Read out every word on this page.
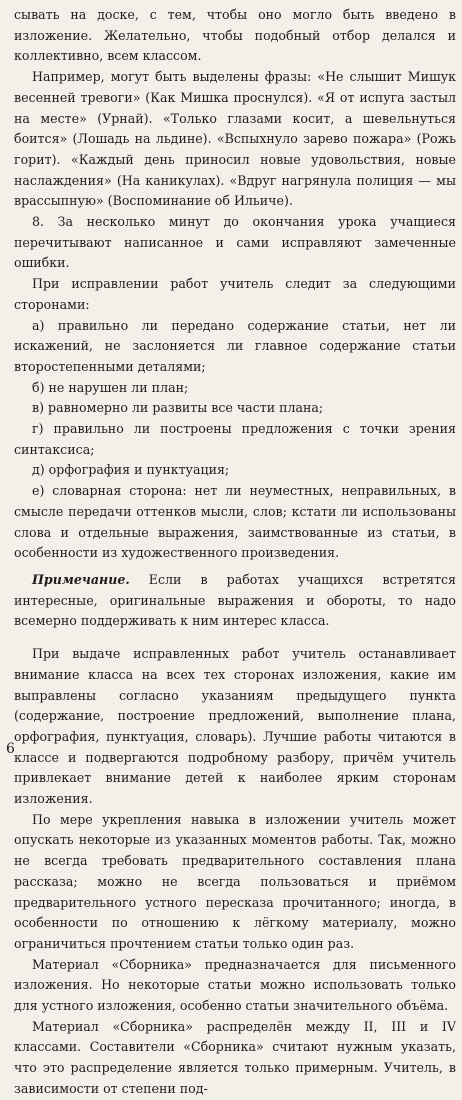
сывать на доске, с тем, чтобы оно могло быть введено в изложение. Желательно, чтобы подобный отбор делался и коллективно, всем классом.

Например, могут быть выделены фразы: «Не слышит Мишук весенней тревоги» (Как Мишка проснулся). «Я от испуга застыл на месте» (Урнай). «Только глазами косит, а шевельнуться боится» (Лошадь на льдине). «Вспыхнуло зарево пожара» (Рожь горит). «Каждый день приносил новые удовольствия, новые наслаждения» (На каникулах). «Вдруг нагрянула полиция — мы врассыпную» (Воспоминание об Ильиче).

8. За несколько минут до окончания урока учащиеся перечитывают написанное и сами исправляют замеченные ошибки.

При исправлении работ учитель следит за следующими сторонами:

а) правильно ли передано содержание статьи, нет ли искажений, не заслоняется ли главное содержание статьи второстепенными деталями;

б) не нарушен ли план;

в) равномерно ли развиты все части плана;

г) правильно ли построены предложения с точки зрения синтаксиса;

д) орфография и пунктуация;

е) словарная сторона: нет ли неуместных, неправильных, в смысле передачи оттенков мысли, слов; кстати ли использованы слова и отдельные выражения, заимствованные из статьи, в особенности из художественного произведения.

Примечание. Если в работах учащихся встретятся интересные, оригинальные выражения и обороты, то надо всемерно поддерживать к ним интерес класса.

При выдаче исправленных работ учитель останавливает внимание класса на всех тех сторонах изложения, какие им выправлены согласно указаниям предыдущего пункта (содержание, построение предложений, выполнение плана, орфография, пунктуация, словарь). Лучшие работы читаются в классе и подвергаются подробному разбору, причём учитель привлекает внимание детей к наиболее ярким сторонам изложения.

По мере укрепления навыка в изложении учитель может опускать некоторые из указанных моментов работы. Так, можно не всегда требовать предварительного составления плана рассказа; можно не всегда пользоваться и приёмом предварительного устного пересказа прочитанного; иногда, в особенности по отношению к лёгкому материалу, можно ограничиться прочтением статьи только один раз.

Материал «Сборника» предназначается для письменного изложения. Но некоторые статьи можно использовать только для устного изложения, особенно статьи значительного объёма.

Материал «Сборника» распределён между II, III и IV классами. Составители «Сборника» считают нужным указать, что это распределение является только примерным. Учитель, в зависимости от степени под-

6
